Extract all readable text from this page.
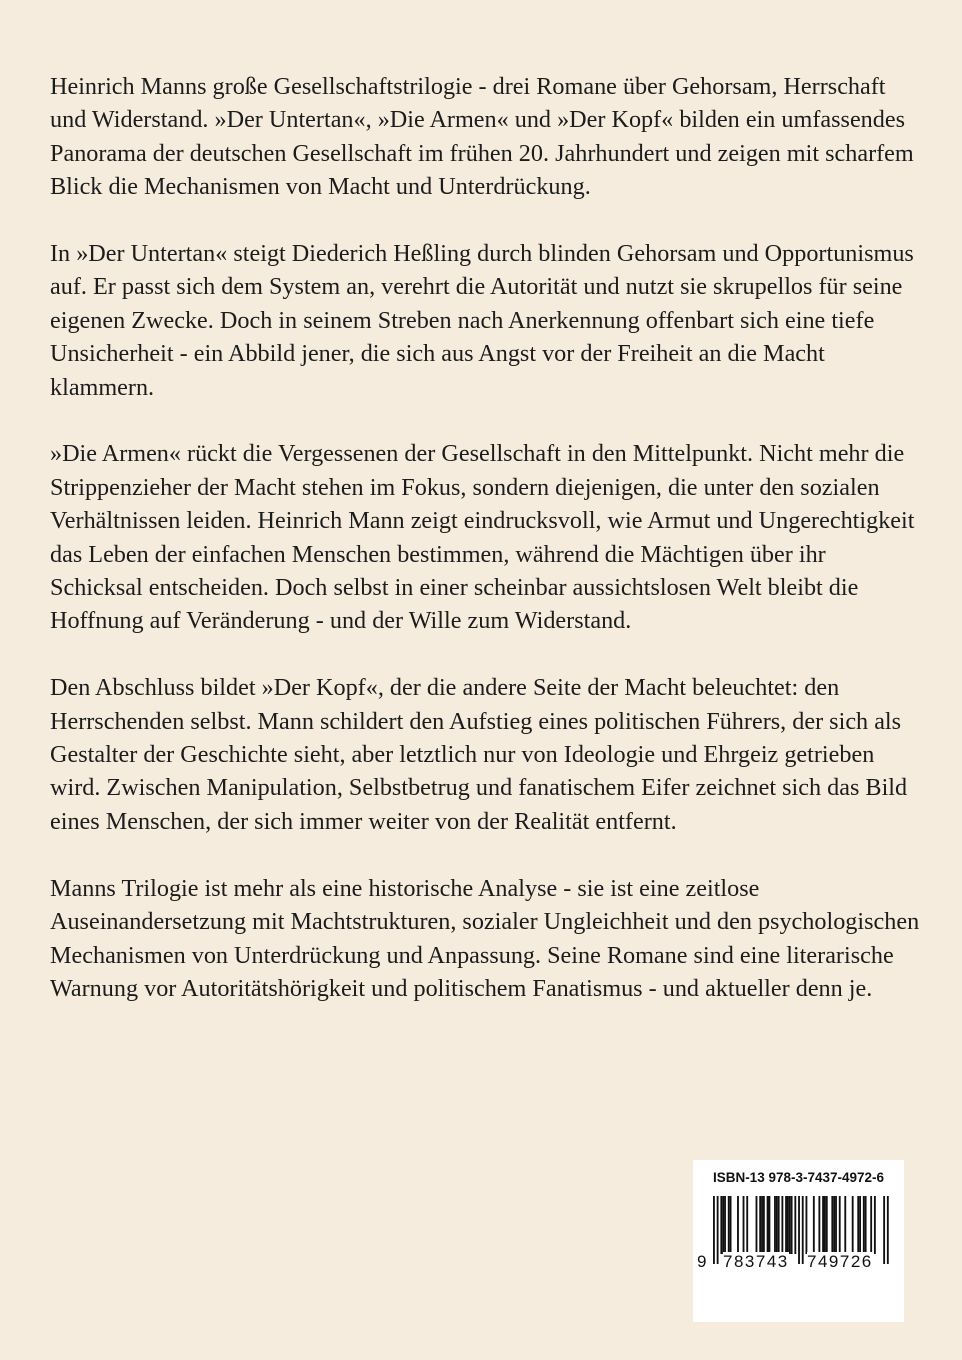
Heinrich Manns große Gesellschaftstrilogie - drei Romane über Gehorsam, Herrschaft und Widerstand. »Der Untertan«, »Die Armen« und »Der Kopf« bilden ein umfassendes Panorama der deutschen Gesellschaft im frühen 20. Jahrhundert und zeigen mit scharfem Blick die Mechanismen von Macht und Unterdrückung.

In »Der Untertan« steigt Diederich Heßling durch blinden Gehorsam und Opportunismus auf. Er passt sich dem System an, verehrt die Autorität und nutzt sie skrupellos für seine eigenen Zwecke. Doch in seinem Streben nach Anerkennung offenbart sich eine tiefe Unsicherheit - ein Abbild jener, die sich aus Angst vor der Freiheit an die Macht klammern.

»Die Armen« rückt die Vergessenen der Gesellschaft in den Mittelpunkt. Nicht mehr die Strippenzieher der Macht stehen im Fokus, sondern diejenigen, die unter den sozialen Verhältnissen leiden. Heinrich Mann zeigt eindrucksvoll, wie Armut und Ungerechtigkeit das Leben der einfachen Menschen bestimmen, während die Mächtigen über ihr Schicksal entscheiden. Doch selbst in einer scheinbar aussichtslosen Welt bleibt die Hoffnung auf Veränderung - und der Wille zum Widerstand.

Den Abschluss bildet »Der Kopf«, der die andere Seite der Macht beleuchtet: den Herrschenden selbst. Mann schildert den Aufstieg eines politischen Führers, der sich als Gestalter der Geschichte sieht, aber letztlich nur von Ideologie und Ehrgeiz getrieben wird. Zwischen Manipulation, Selbstbetrug und fanatischem Eifer zeichnet sich das Bild eines Menschen, der sich immer weiter von der Realität entfernt.

Manns Trilogie ist mehr als eine historische Analyse - sie ist eine zeitlose Auseinandersetzung mit Machtstrukturen, sozialer Ungleichheit und den psychologischen Mechanismen von Unterdrückung und Anpassung. Seine Romane sind eine literarische Warnung vor Autoritätshörigkeit und politischem Fanatismus - und aktueller denn je.

ISBN-13 978-3-7437-4972-6
9 783743 749726
